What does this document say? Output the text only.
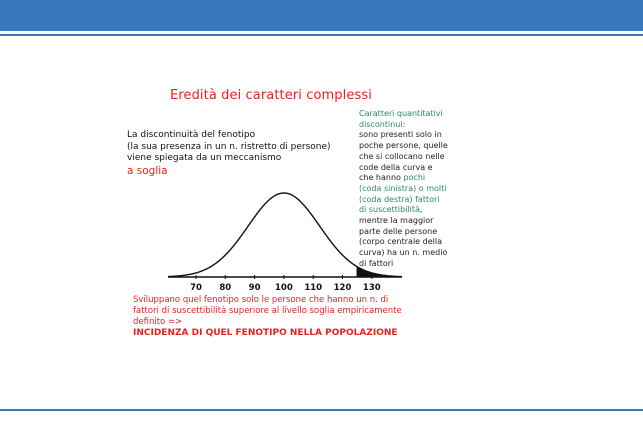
Eredità dei caratteri complessi
La discontinuità del fenotipo
(la sua presenza in un n. ristretto di persone)
viene spiegata da un meccanismo
a soglia
Caratteri quantitativi
discontinui:
sono presenti solo in poche persone, quelle che si collocano nelle code della curva e che hanno pochi (coda sinistra) o molti (coda destra) fattori di suscettibilità, mentre la maggior parte delle persone (corpo centrale della curva) ha un n. medio di fattori
70 80 90 100 110 120 130
Sviluppano quel fenotipo solo le persone che hanno un n. di
fattori di suscettibilità superiore al livello soglia empiricamente
definito =>
INCIDENZA DI QUEL FENOTIPO NELLA POPOLAZIONE
